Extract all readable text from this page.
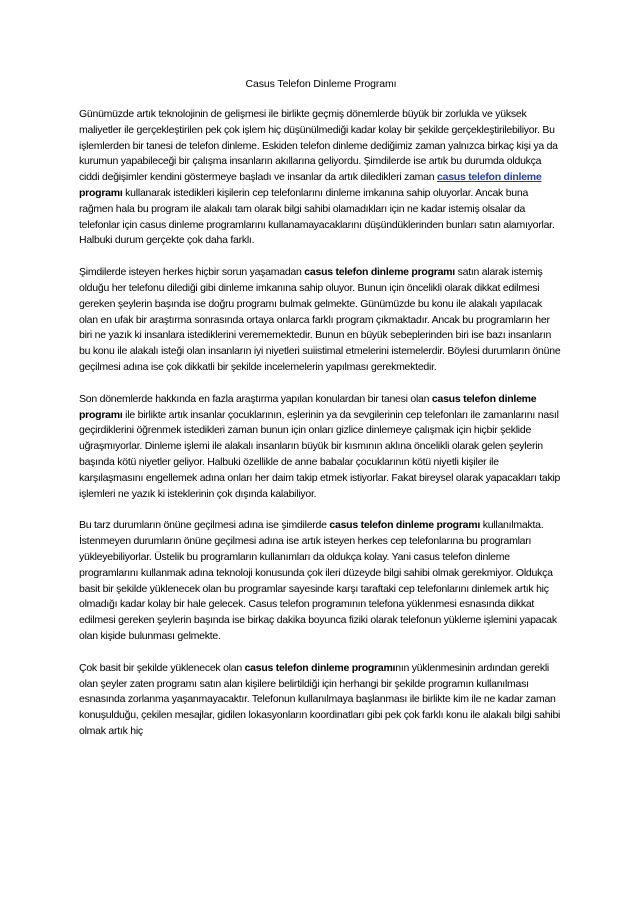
Casus Telefon Dinleme Programı

Günümüzde artık teknolojinin de gelişmesi ile birlikte geçmiş dönemlerde büyük bir zorlukla ve yüksek maliyetler ile gerçekleştirilen pek çok işlem hiç düşünülmediği kadar kolay bir şekilde gerçekleştirilebiliyor. Bu işlemlerden bir tanesi de telefon dinleme. Eskiden telefon dinleme dediğimiz zaman yalnızca birkaç kişi ya da kurumun yapabileceği bir çalışma insanların akıllarına geliyordu. Şimdilerde ise artık bu durumda oldukça ciddi değişimler kendini göstermeye başladı ve insanlar da artık diledikleri zaman casus telefon dinleme programı kullanarak istedikleri kişilerin cep telefonlarını dinleme imkanına sahip oluyorlar. Ancak buna rağmen hala bu program ile alakalı tam olarak bilgi sahibi olamadıkları için ne kadar istemiş olsalar da telefonlar için casus dinleme programlarını kullanamayacaklarını düşündüklerinden bunları satın alamıyorlar. Halbuki durum gerçekte çok daha farklı.

Şimdilerde isteyen herkes hiçbir sorun yaşamadan casus telefon dinleme programı satın alarak istemiş olduğu her telefonu dilediği gibi dinleme imkanına sahip oluyor. Bunun için öncelikli olarak dikkat edilmesi gereken şeylerin başında ise doğru programı bulmak gelmekte. Günümüzde bu konu ile alakalı yapılacak olan en ufak bir araştırma sonrasında ortaya onlarca farklı program çıkmaktadır. Ancak bu programların her biri ne yazık ki insanlara istediklerini verememektedir. Bunun en büyük sebeplerinden biri ise bazı insanların bu konu ile alakalı isteği olan insanların iyi niyetleri suiistimal etmelerini istemelerdir. Böylesi durumların önüne geçilmesi adına ise çok dikkatli bir şekilde incelemelerin yapılması gerekmektedir.

Son dönemlerde hakkında en fazla araştırma yapılan konulardan bir tanesi olan casus telefon dinleme programı ile birlikte artık insanlar çocuklarının, eşlerinin ya da sevgilerinin cep telefonları ile zamanlarını nasıl geçirdiklerini öğrenmek istedikleri zaman bunun için onları gizlice dinlemeye çalışmak için hiçbir şeklide uğraşmıyorlar. Dinleme işlemi ile alakalı insanların büyük bir kısmının aklına öncelikli olarak gelen şeylerin başında kötü niyetler geliyor. Halbuki özellikle de anne babalar çocuklarının kötü niyetli kişiler ile karşılaşmasını engellemek adına onları her daim takip etmek istiyorlar. Fakat bireysel olarak yapacakları takip işlemleri ne yazık ki isteklerinin çok dışında kalabiliyor.

Bu tarz durumların önüne geçilmesi adına ise şimdilerde casus telefon dinleme programı kullanılmakta. İstenmeyen durumların önüne geçilmesi adına ise artık isteyen herkes cep telefonlarına bu programları yükleyebiliyorlar. Üstelik bu programların kullanımları da oldukça kolay. Yani casus telefon dinleme programlarını kullanmak adına teknoloji konusunda çok ileri düzeyde bilgi sahibi olmak gerekmiyor. Oldukça basit bir şekilde yüklenecek olan bu programlar sayesinde karşı taraftaki cep telefonlarını dinlemek artık hiç olmadığı kadar kolay bir hale gelecek. Casus telefon programının telefona yüklenmesi esnasında dikkat edilmesi gereken şeylerin başında ise birkaç dakika boyunca fiziki olarak telefonun yükleme işlemini yapacak olan kişide bulunması gelmekte.

Çok basit bir şekilde yüklenecek olan casus telefon dinleme programının yüklenmesinin ardından gerekli olan şeyler zaten programı satın alan kişilere belirtildiği için herhangi bir şekilde programın kullanılması esnasında zorlanma yaşanmayacaktır. Telefonun kullanılmaya başlanması ile birlikte kim ile ne kadar zaman konuşulduğu, çekilen mesajlar, gidilen lokasyonların koordinatları gibi pek çok farklı konu ile alakalı bilgi sahibi olmak artık hiç
